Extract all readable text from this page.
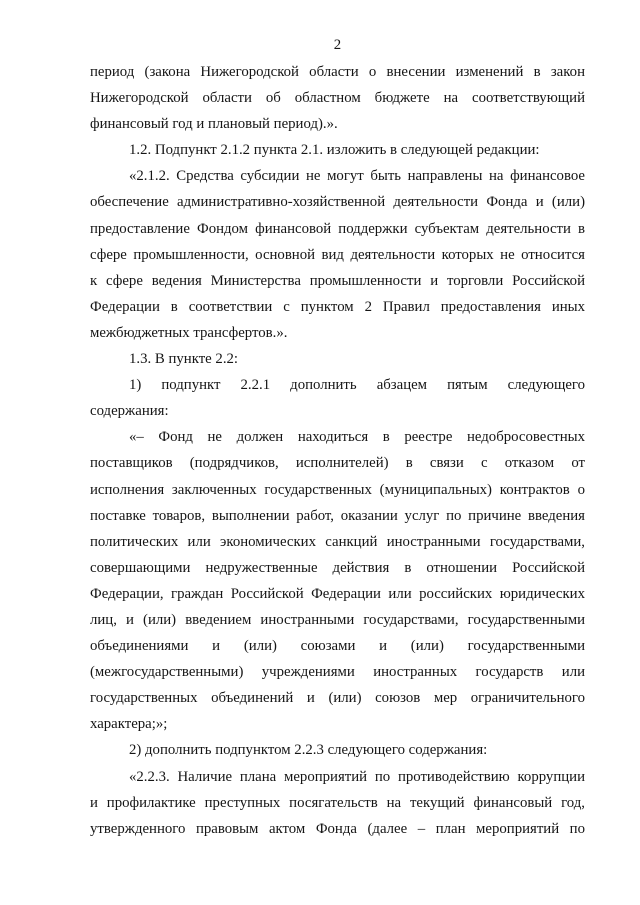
2
период (закона Нижегородской области о внесении изменений в закон
Нижегородской области об областном бюджете на соответствующий
финансовый год и плановый период).».
1.2. Подпункт 2.1.2 пункта 2.1. изложить в следующей редакции:
«2.1.2. Средства субсидии не могут быть направлены на финансовое
обеспечение административно-хозяйственной деятельности Фонда и (или)
предоставление Фондом финансовой поддержки субъектам деятельности в
сфере промышленности, основной вид деятельности которых не относится
к сфере ведения Министерства промышленности и торговли Российской
Федерации в соответствии с пунктом 2 Правил предоставления иных
межбюджетных трансфертов.».
1.3. В пункте 2.2:
1) подпункт 2.2.1 дополнить абзацем пятым следующего
содержания:
«– Фонд не должен находиться в реестре недобросовестных
поставщиков (подрядчиков, исполнителей) в связи с отказом от
исполнения заключенных государственных (муниципальных) контрактов о
поставке товаров, выполнении работ, оказании услуг по причине введения
политических или экономических санкций иностранными государствами,
совершающими недружественные действия в отношении Российской
Федерации, граждан Российской Федерации или российских юридических
лиц, и (или) введением иностранными государствами, государственными
объединениями и (или) союзами и (или) государственными
(межгосударственными) учреждениями иностранных государств или
государственных объединений и (или) союзов мер ограничительного
характера;»;
2) дополнить подпунктом 2.2.3 следующего содержания:
«2.2.3. Наличие плана мероприятий по противодействию коррупции
и профилактике преступных посягательств на текущий финансовый год,
утвержденного правовым актом Фонда (далее – план мероприятий по
